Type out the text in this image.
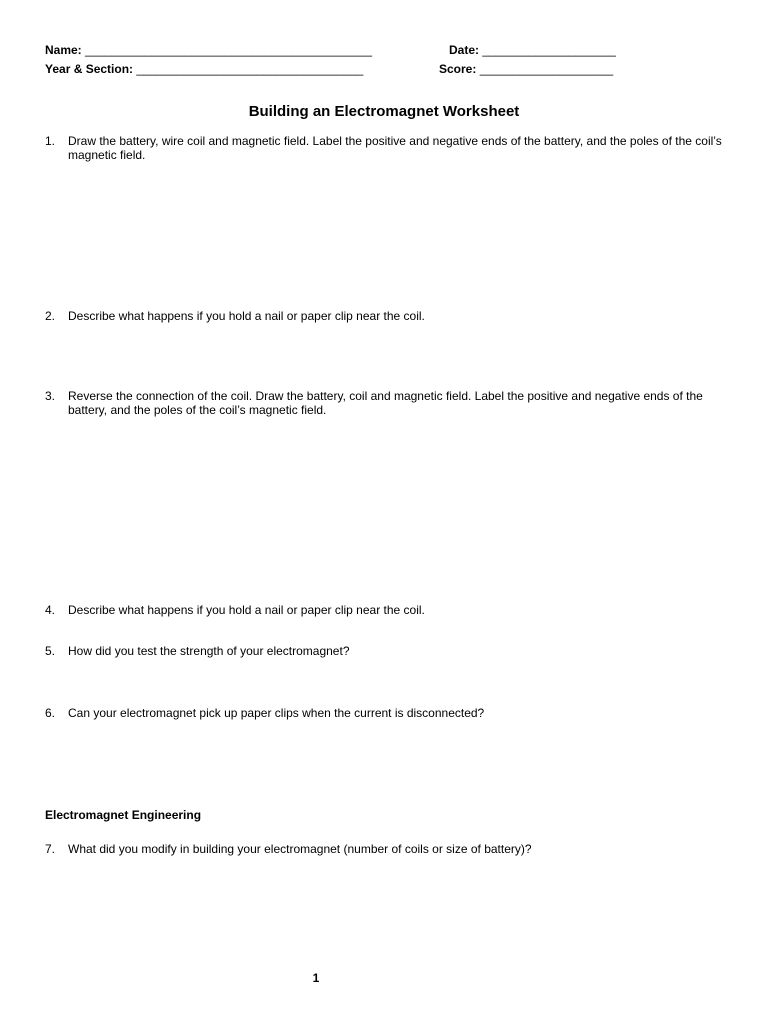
Name: ___________________________________________	Date: ____________________
Year & Section: __________________________________	Score: ____________________
Building an Electromagnet Worksheet
1.	Draw the battery, wire coil and magnetic field. Label the positive and negative ends of the battery, and the poles of the coil’s magnetic field.
2.	Describe what happens if you hold a nail or paper clip near the coil.
3.	Reverse the connection of the coil. Draw the battery, coil and magnetic field. Label the positive and negative ends of the battery, and the poles of the coil’s magnetic field.
4.	Describe what happens if you hold a nail or paper clip near the coil.
5.	How did you test the strength of your electromagnet?
6.	Can your electromagnet pick up paper clips when the current is disconnected?
Electromagnet Engineering
7.	What did you modify in building your electromagnet (number of coils or size of battery)?
1
